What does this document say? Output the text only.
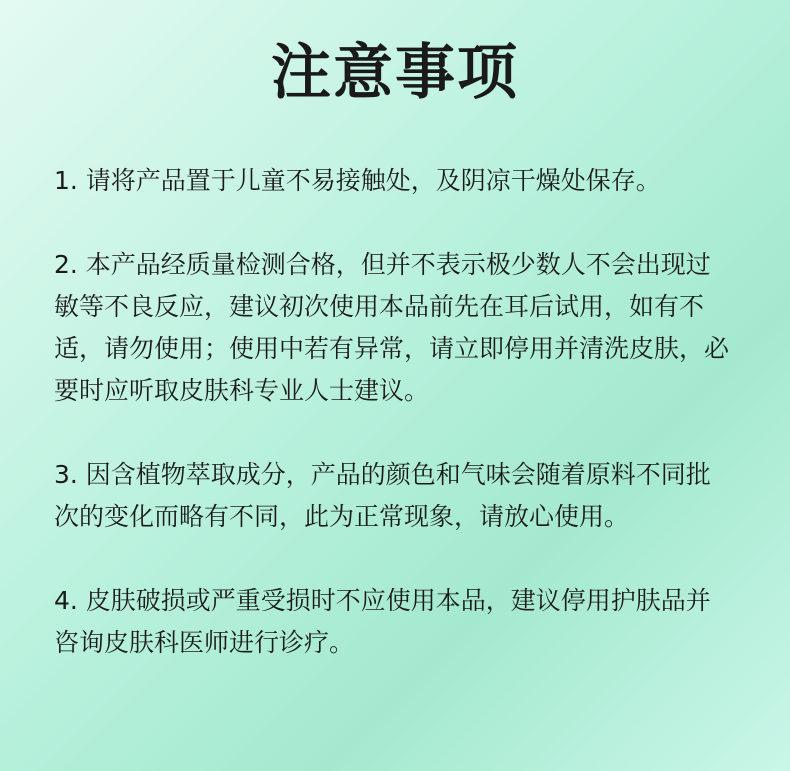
注意事项

1. 请将产品置于儿童不易接触处，及阴凉干燥处保存。

2. 本产品经质量检测合格，但并不表示极少数人不会出现过
敏等不良反应，建议初次使用本品前先在耳后试用，如有不
适，请勿使用；使用中若有异常，请立即停用并清洗皮肤，必
要时应听取皮肤科专业人士建议。

3. 因含植物萃取成分，产品的颜色和气味会随着原料不同批
次的变化而略有不同，此为正常现象，请放心使用。

4. 皮肤破损或严重受损时不应使用本品，建议停用护肤品并
咨询皮肤科医师进行诊疗。
